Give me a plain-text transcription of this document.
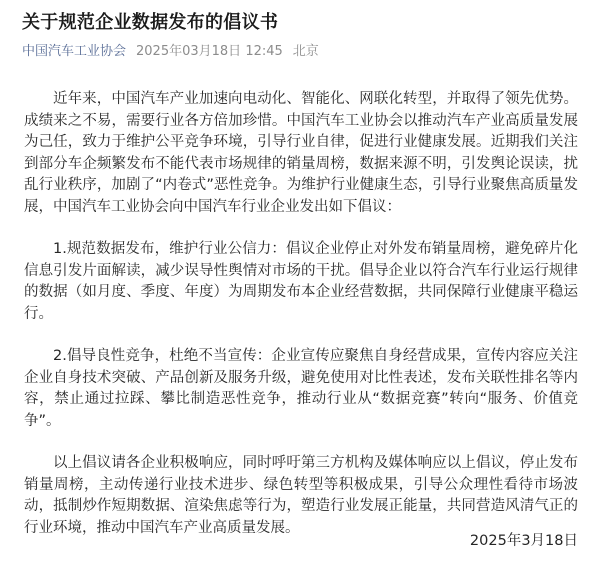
关于规范企业数据发布的倡议书
中国汽车工业协会 2025年03月18日 12:45 北京

近年来，中国汽车产业加速向电动化、智能化、网联化转型，并取得了领先优势。成绩来之不易，需要行业各方倍加珍惜。中国汽车工业协会以推动汽车产业高质量发展为己任，致力于维护公平竞争环境，引导行业自律，促进行业健康发展。近期我们关注到部分车企频繁发布不能代表市场规律的销量周榜，数据来源不明，引发舆论误读，扰乱行业秩序，加剧了“内卷式”恶性竞争。为维护行业健康生态，引导行业聚焦高质量发展，中国汽车工业协会向中国汽车行业企业发出如下倡议：

1.规范数据发布，维护行业公信力：倡议企业停止对外发布销量周榜，避免碎片化信息引发片面解读，减少误导性舆情对市场的干扰。倡导企业以符合汽车行业运行规律的数据（如月度、季度、年度）为周期发布本企业经营数据，共同保障行业健康平稳运行。

2.倡导良性竞争，杜绝不当宣传：企业宣传应聚焦自身经营成果，宣传内容应关注企业自身技术突破、产品创新及服务升级，避免使用对比性表述，发布关联性排名等内容，禁止通过拉踩、攀比制造恶性竞争，推动行业从“数据竞赛”转向“服务、价值竞争”。

以上倡议请各企业积极响应，同时呼吁第三方机构及媒体响应以上倡议，停止发布销量周榜，主动传递行业技术进步、绿色转型等积极成果，引导公众理性看待市场波动，抵制炒作短期数据、渲染焦虑等行为，塑造行业发展正能量，共同营造风清气正的行业环境，推动中国汽车产业高质量发展。

2025年3月18日
